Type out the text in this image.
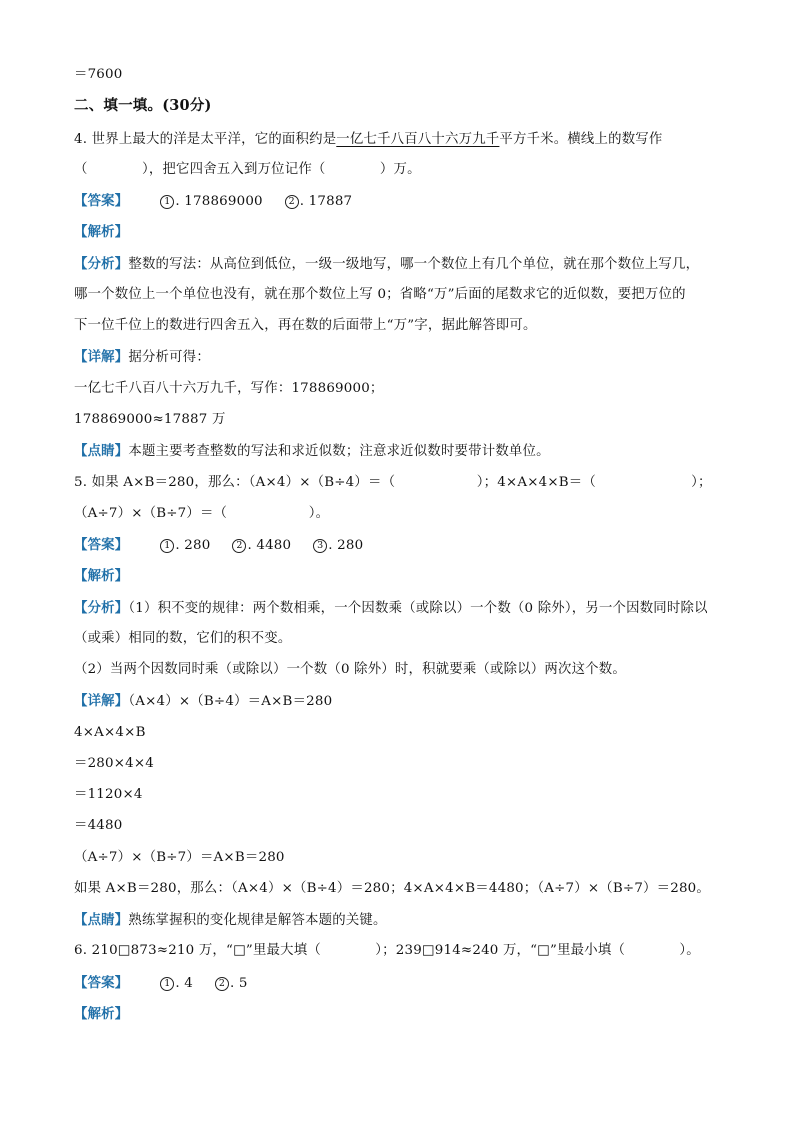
＝7600
二、填一填。(30分)
4. 世界上最大的洋是太平洋，它的面积约是一亿七千八百八十六万九千平方千米。横线上的数写作
（　　　　），把它四舍五入到万位记作（　　　　）万。
【答案】	1 . 178869000	2 . 17887
【解析】
【分析】整数的写法：从高位到低位，一级一级地写，哪一个数位上有几个单位，就在那个数位上写几，
哪一个数位上一个单位也没有，就在那个数位上写 0；省略“万”后面的尾数求它的近似数，要把万位的
下一位千位上的数进行四舍五入，再在数的后面带上“万”字，据此解答即可。
【详解】据分析可得：
一亿七千八百八十六万九千，写作：178869000；
178869000≈17887 万
【点睛】本题主要考查整数的写法和求近似数；注意求近似数时要带计数单位。
5. 如果 A×B＝280，那么：（A×4）×（B÷4）＝（　　　　　　）；4×A×4×B＝（　　　　　　　）；
（A÷7）×（B÷7）＝（　　　　　　）。
【答案】	1 . 280	2 . 4480	3 . 280
【解析】
【分析】（1）积不变的规律：两个数相乘，一个因数乘（或除以）一个数（0 除外），另一个因数同时除以
（或乘）相同的数，它们的积不变。
（2）当两个因数同时乘（或除以）一个数（0 除外）时，积就要乘（或除以）两次这个数。
【详解】（A×4）×（B÷4）＝A×B＝280
4×A×4×B
＝280×4×4
＝1120×4
＝4480
（A÷7）×（B÷7）＝A×B＝280
如果 A×B＝280，那么：（A×4）×（B÷4）＝280；4×A×4×B＝4480；（A÷7）×（B÷7）＝280。
【点睛】熟练掌握积的变化规律是解答本题的关键。
6. 210□873≈210 万，“□”里最大填（　　　　）；239□914≈240 万，“□”里最小填（　　　　）。
【答案】	1 . 4	2 . 5
【解析】
